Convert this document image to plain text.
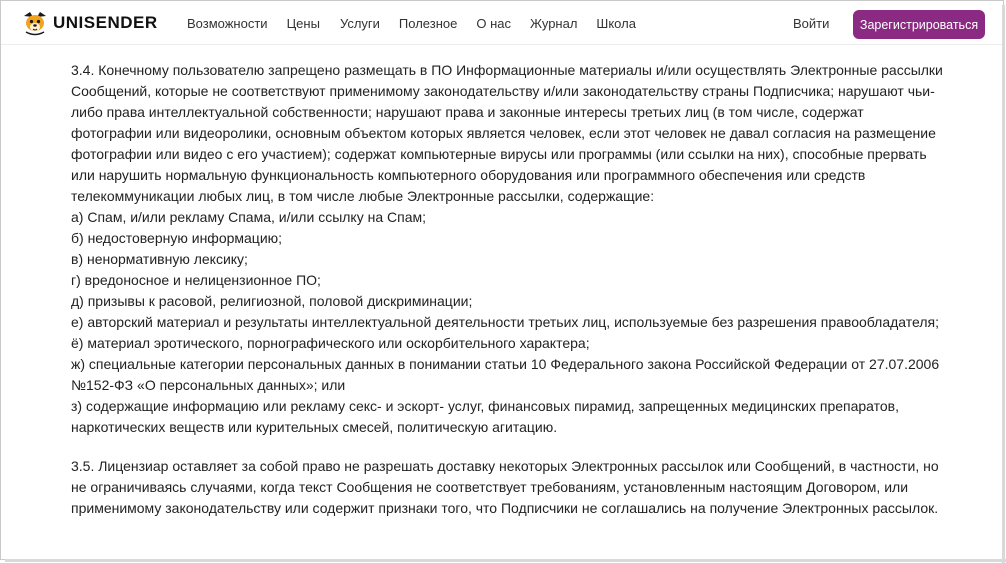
UNISENDER Возможности Цены Услуги Полезное О нас Журнал Школа	Войти	Зарегистрироваться

3.4. Конечному пользователю запрещено размещать в ПО Информационные материалы и/или осуществлять Электронные рассылки Сообщений, которые не соответствуют применимому законодательству и/или законодательству страны Подписчика; нарушают чьи-либо права интеллектуальной собственности; нарушают права и законные интересы третьих лиц (в том числе, содержат фотографии или видеоролики, основным объектом которых является человек, если этот человек не давал согласия на размещение фотографии или видео с его участием); содержат компьютерные вирусы или программы (или ссылки на них), способные прервать или нарушить нормальную функциональность компьютерного оборудования или программного обеспечения или средств телекоммуникации любых лиц, в том числе любые Электронные рассылки, содержащие:

а) Спам, и/или рекламу Спама, и/или ссылку на Спам;

б) недостоверную информацию;

в) ненормативную лексику;

г) вредоносное и нелицензионное ПО;

д) призывы к расовой, религиозной, половой дискриминации;

е) авторский материал и результаты интеллектуальной деятельности третьих лиц, используемые без разрешения правообладателя;

ё) материал эротического, порнографического или оскорбительного характера;

ж) специальные категории персональных данных в понимании статьи 10 Федерального закона Российской Федерации от 27.07.2006 №152-ФЗ «О персональных данных»; или

з) содержащие информацию или рекламу секс- и эскорт- услуг, финансовых пирамид, запрещенных медицинских препаратов, наркотических веществ или курительных смесей, политическую агитацию.

3.5. Лицензиар оставляет за собой право не разрешать доставку некоторых Электронных рассылок или Сообщений, в частности, но не ограничиваясь случаями, когда текст Сообщения не соответствует требованиям, установленным настоящим Договором, или применимому законодательству или содержит признаки того, что Подписчики не соглашались на получение Электронных рассылок.
